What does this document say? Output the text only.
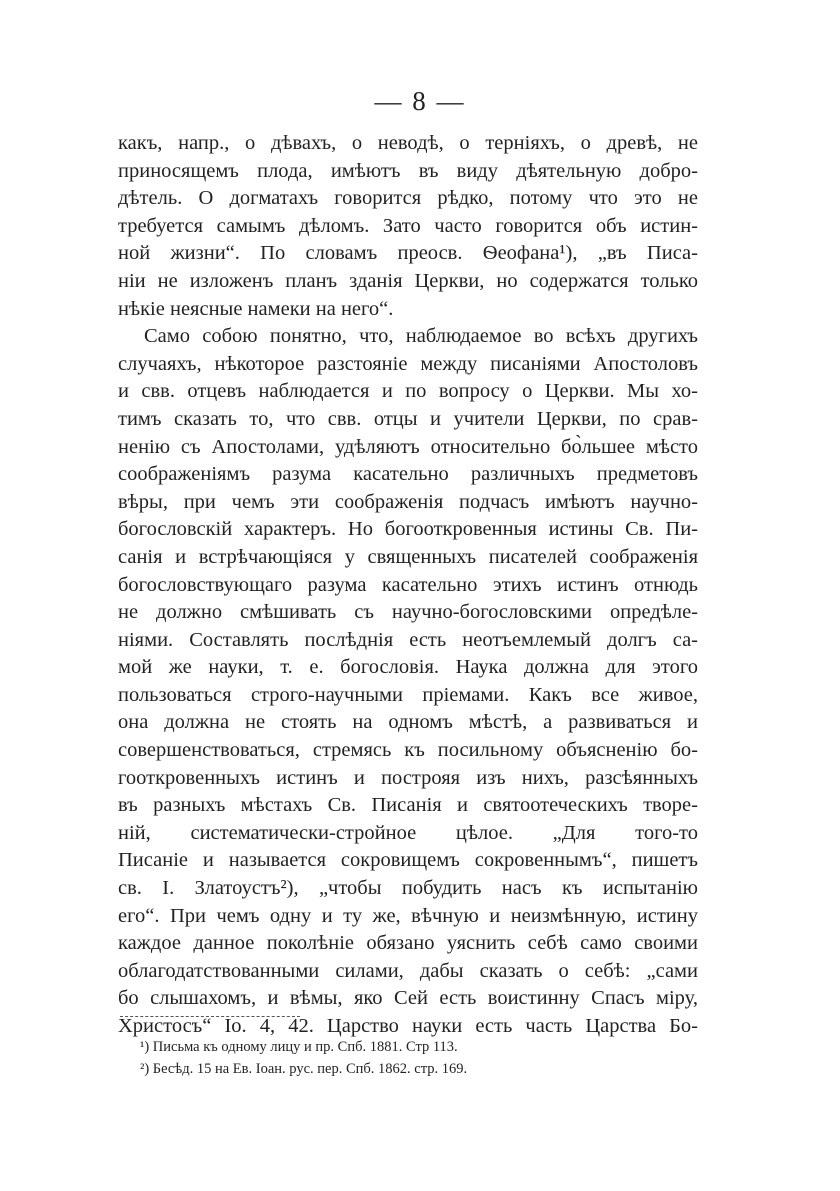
— 8 —
какъ, напр., о дѣвахъ, о неводѣ, о терніяхъ, о древѣ, не
приносящемъ плода, имѣютъ въ виду дѣятельную добро-
дѣтель. О догматахъ говорится рѣдко, потому что это не
требуется самымъ дѣломъ. Зато часто говорится объ истин-
ной жизни“. По словамъ преосв. Ѳеофана¹), „въ Писа-
ніи не изложенъ планъ зданія Церкви, но содержатся только
нѣкіе неясные намеки на него“.
Само собою понятно, что, наблюдаемое во всѣхъ другихъ
случаяхъ, нѣкоторое разстояніе между писаніями Апостоловъ
и свв. отцевъ наблюдается и по вопросу о Церкви. Мы хо-
тимъ сказать то, что свв. отцы и учители Церкви, по срав-
ненію съ Апостолами, удѣляютъ относительно бо̀льшее мѣсто
соображеніямъ разума касательно различныхъ предметовъ
вѣры, при чемъ эти соображенія подчасъ имѣютъ научно-
богословскій характеръ. Но богооткровенныя истины Св. Пи-
санія и встрѣчающіяся у священныхъ писателей соображенія
богословствующаго разума касательно этихъ истинъ отнюдь
не должно смѣшивать съ научно-богословскими опредѣле-
ніями. Составлять послѣднія есть неотъемлемый долгъ са-
мой же науки, т. е. богословія. Наука должна для этого
пользоваться строго-научными пріемами. Какъ все живое,
она должна не стоять на одномъ мѣстѣ, а развиваться и
совершенствоваться, стремясь къ посильному объясненію бо-
гооткровенныхъ истинъ и построяя изъ нихъ, разсѣянныхъ
въ разныхъ мѣстахъ Св. Писанія и святоотеческихъ творе-
ній, систематически-стройное цѣлое. „Для того-то
Писаніе и называется сокровищемъ сокровеннымъ“, пишетъ
св. І. Златоустъ²), „чтобы побудить насъ къ испытанію
его“. При чемъ одну и ту же, вѣчную и неизмѣнную, истину
каждое данное поколѣніе обязано уяснить себѣ само своими
облагодатствованными силами, дабы сказать о себѣ: „сами
бо слышахомъ, и вѣмы, яко Сей есть воистинну Спасъ міру,
Христосъ“ Іо. 4, 42. Царство науки есть часть Царства Бо-
¹) Письма къ одному лицу и пр. Спб. 1881. Стр 113.
²) Бесѣд. 15 на Ев. Іоан. рус. пер. Спб. 1862. стр. 169.
